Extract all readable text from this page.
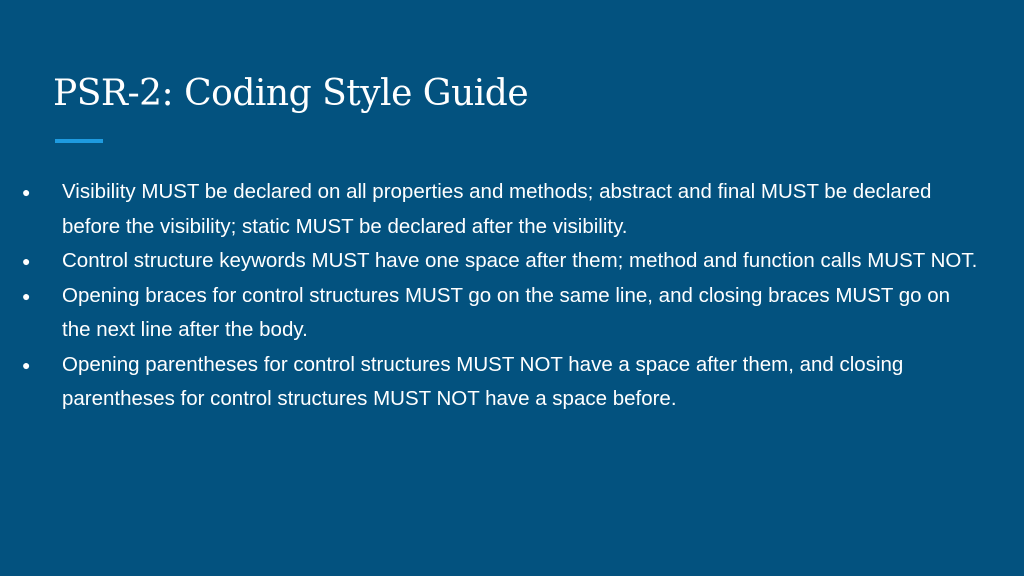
PSR-2: Coding Style Guide
● Visibility MUST be declared on all properties and methods; abstract and final MUST be declared before the visibility; static MUST be declared after the visibility.
● Control structure keywords MUST have one space after them; method and function calls MUST NOT.
● Opening braces for control structures MUST go on the same line, and closing braces MUST go on the next line after the body.
● Opening parentheses for control structures MUST NOT have a space after them, and closing parentheses for control structures MUST NOT have a space before.
